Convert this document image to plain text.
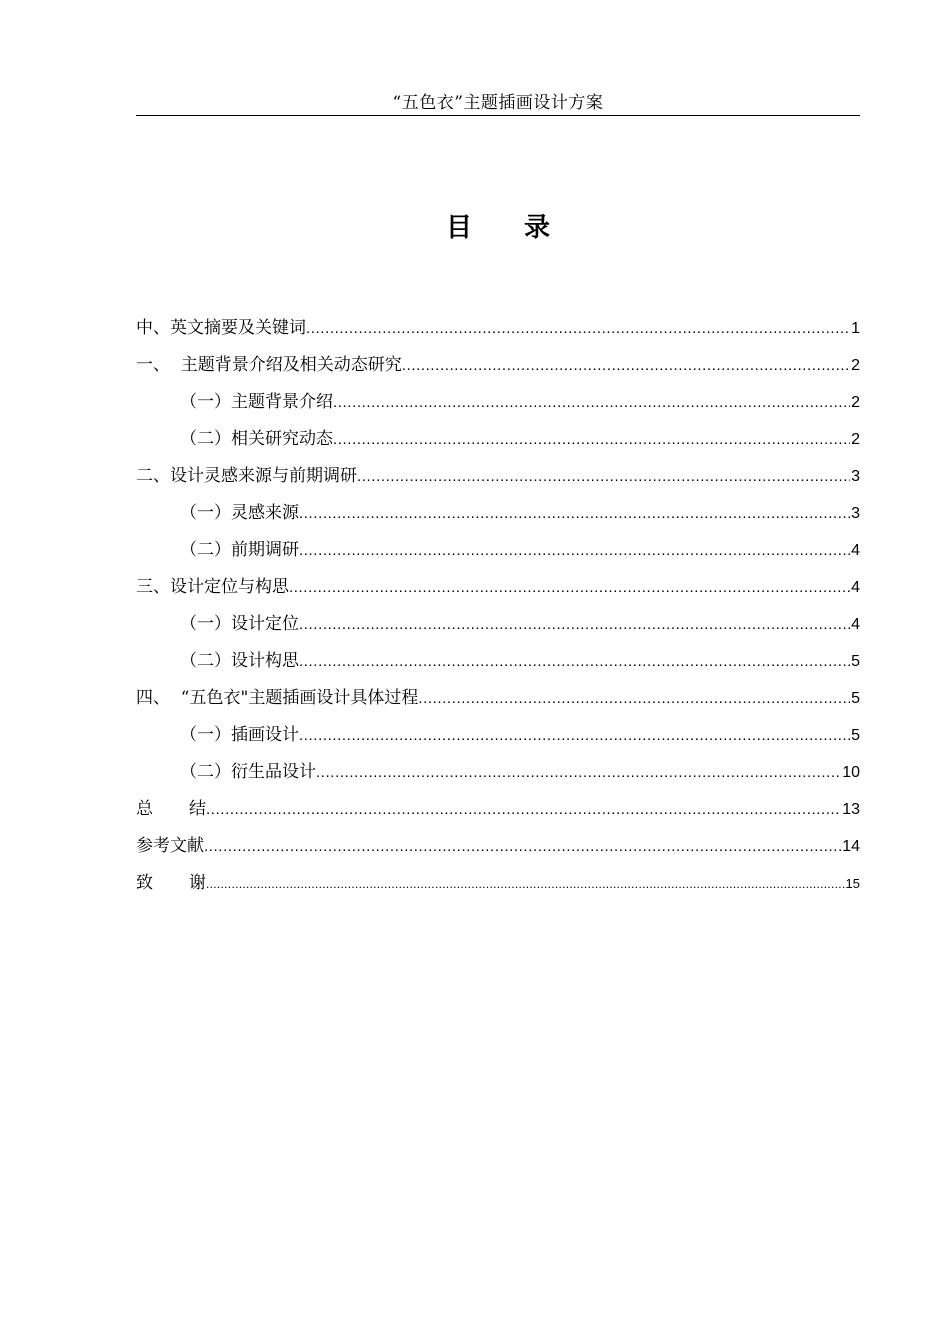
“五色衣”主题插画设计方案
目 录
中、英文摘要及关键词 .....	1
一、  主题背景介绍及相关动态研究 .....	2
（一）主题背景介绍 .....	2
（二）相关研究动态 .....	2
二、设计灵感来源与前期调研 .....	3
（一）灵感来源 .....	3
（二）前期调研 .....	4
三、设计定位与构思 .....	4
（一）设计定位 .....	4
（二）设计构思 .....	5
四、  “五色衣"主题插画设计具体过程 .....	5
（一）插画设计 .....	5
（二）衍生品设计 .....	10
总 结 .....	13
参考文献 .....	14
致 谢 .....	15
